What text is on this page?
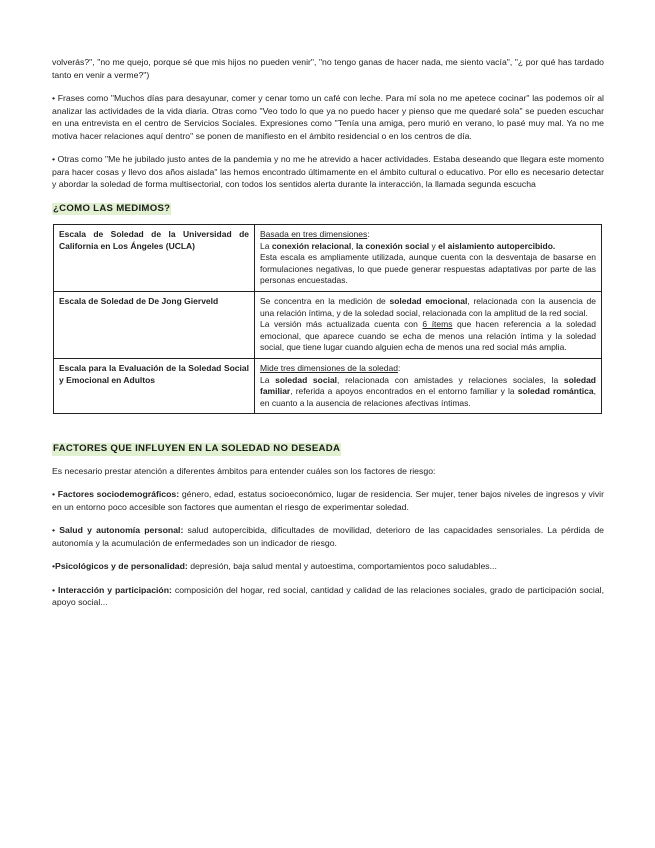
volverás?", "no me quejo, porque sé que mis hijos no pueden venir", "no tengo ganas de hacer nada, me siento vacía", "¿ por qué has tardado tanto en venir a verme?")

• Frases como "Muchos días para desayunar, comer y cenar tomo un café con leche. Para mí sola no me apetece cocinar" las podemos oír al analizar las actividades de la vida diaria. Otras como "Veo todo lo que ya no puedo hacer y pienso que me quedaré sola" se pueden escuchar en una entrevista en el centro de Servicios Sociales. Expresiones como "Tenía una amiga, pero murió en verano, lo pasé muy mal. Ya no me motiva hacer relaciones aquí dentro" se ponen de manifiesto en el ámbito residencial o en los centros de día.

• Otras como "Me he jubilado justo antes de la pandemia y no me he atrevido a hacer actividades. Estaba deseando que llegara este momento para hacer cosas y llevo dos años aislada" las hemos encontrado últimamente en el ámbito cultural o educativo. Por ello es necesario detectar y abordar la soledad de forma multisectorial, con todos los sentidos alerta durante la interacción, la llamada segunda escucha

¿COMO LAS MEDIMOS?
Escala de Soledad de la Universidad de California en Los Ángeles (UCLA)	Basada en tres dimensiones:
La conexión relacional, la conexión social y el aislamiento autopercibido.
Esta escala es ampliamente utilizada, aunque cuenta con la desventaja de basarse en formulaciones negativas, lo que puede generar respuestas adaptativas por parte de las personas encuestadas.

Escala de Soledad de De Jong Gierveld	Se concentra en la medición de soledad emocional, relacionada con la ausencia de una relación íntima, y de la soledad social, relacionada con la amplitud de la red social.
La versión más actualizada cuenta con 6 ítems que hacen referencia a la soledad emocional, que aparece cuando se echa de menos una relación íntima y la soledad social, que tiene lugar cuando alguien echa de menos una red social más amplia.

Escala para la Evaluación de la Soledad Social y Emocional en Adultos	Mide tres dimensiones de la soledad:
La soledad social, relacionada con amistades y relaciones sociales, la soledad familiar, referida a apoyos encontrados en el entorno familiar y la soledad romántica, en cuanto a la ausencia de relaciones afectivas íntimas.
FACTORES QUE INFLUYEN EN LA SOLEDAD NO DESEADA

Es necesario prestar atención a diferentes ámbitos para entender cuáles son los factores de riesgo:

• Factores sociodemográficos: género, edad, estatus socioeconómico, lugar de residencia. Ser mujer, tener bajos niveles de ingresos y vivir en un entorno poco accesible son factores que aumentan el riesgo de experimentar soledad.

• Salud y autonomía personal: salud autopercibida, dificultades de movilidad, deterioro de las capacidades sensoriales. La pérdida de autonomía y la acumulación de enfermedades son un indicador de riesgo.

•Psicológicos y de personalidad: depresión, baja salud mental y autoestima, comportamientos poco saludables...

• Interacción y participación: composición del hogar, red social, cantidad y calidad de las relaciones sociales, grado de participación social, apoyo social...
